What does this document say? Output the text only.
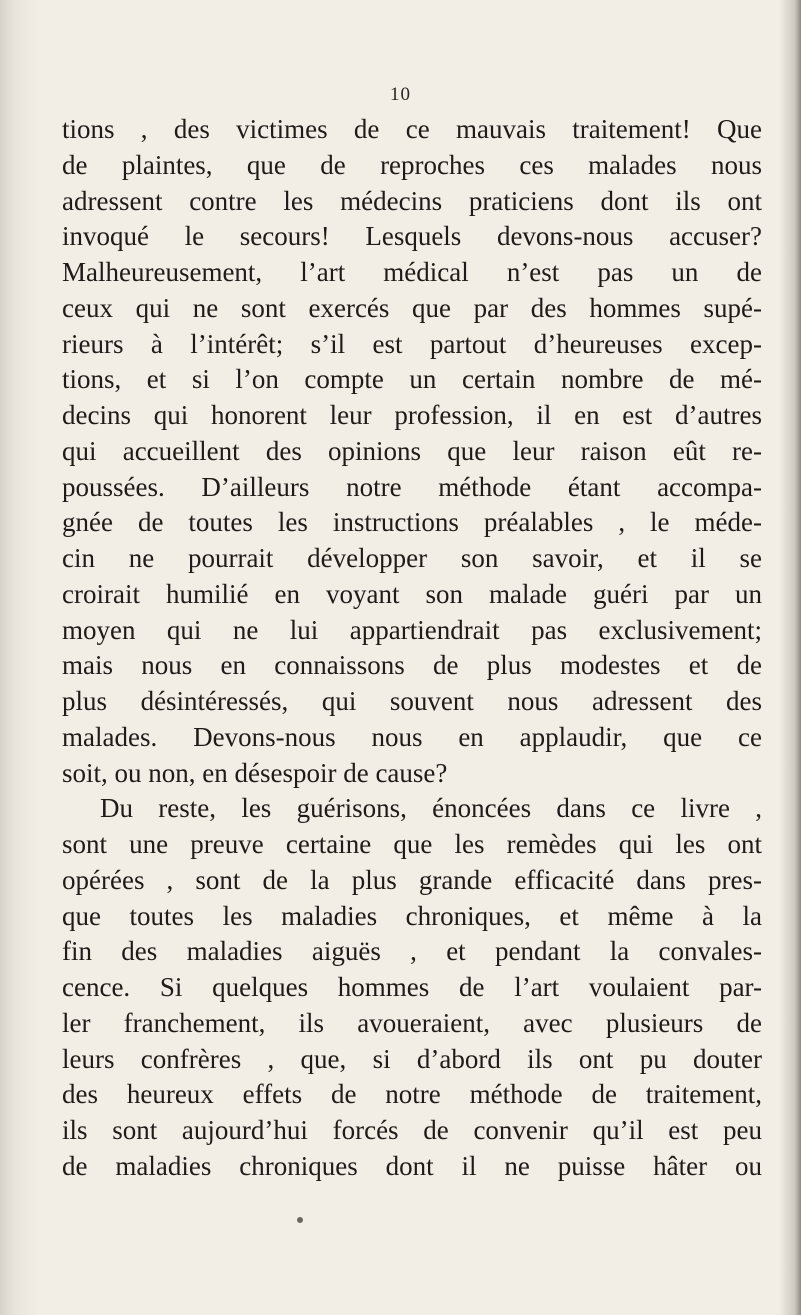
10
tions , des victimes de ce mauvais traitement! Que
de plaintes, que de reproches ces malades nous
adressent contre les médecins praticiens dont ils ont
invoqué le secours! Lesquels devons-nous accuser?
Malheureusement, l’art médical n’est pas un de
ceux qui ne sont exercés que par des hommes supé-
rieurs à l’intérêt; s’il est partout d’heureuses excep-
tions, et si l’on compte un certain nombre de mé-
decins qui honorent leur profession, il en est d’autres
qui accueillent des opinions que leur raison eût re-
poussées. D’ailleurs notre méthode étant accompa-
gnée de toutes les instructions préalables , le méde-
cin ne pourrait développer son savoir, et il se
croirait humilié en voyant son malade guéri par un
moyen qui ne lui appartiendrait pas exclusivement;
mais nous en connaissons de plus modestes et de
plus désintéressés, qui souvent nous adressent des
malades. Devons-nous nous en applaudir, que ce
soit, ou non, en désespoir de cause?
Du reste, les guérisons, énoncées dans ce livre ,
sont une preuve certaine que les remèdes qui les ont
opérées , sont de la plus grande efficacité dans pres-
que toutes les maladies chroniques, et même à la
fin des maladies aiguës , et pendant la convales-
cence. Si quelques hommes de l’art voulaient par-
ler franchement, ils avoueraient, avec plusieurs de
leurs confrères , que, si d’abord ils ont pu douter
des heureux effets de notre méthode de traitement,
ils sont aujourd’hui forcés de convenir qu’il est peu
de maladies chroniques dont il ne puisse hâter ou
